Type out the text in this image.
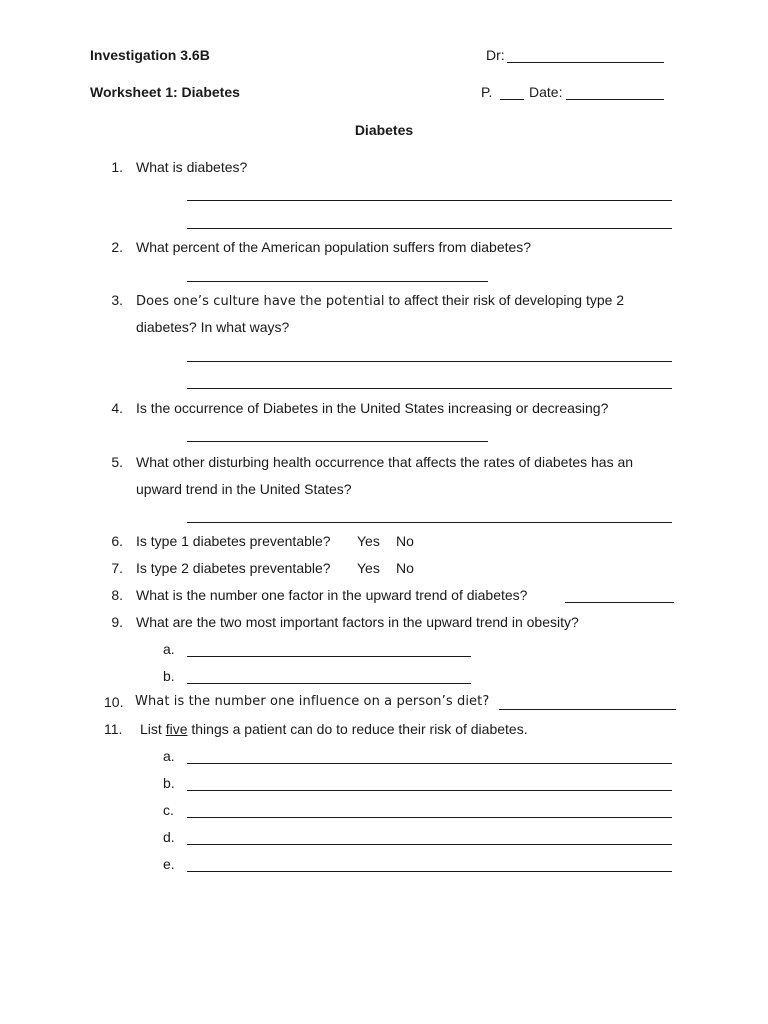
Investigation 3.6B	Dr:
Worksheet 1: Diabetes	P.	Date:
Diabetes
1. What is diabetes?
2. What percent of the American population suffers from diabetes?
3. Does one’s culture have the potential to affect their risk of developing type 2
diabetes? In what ways?
4. Is the occurrence of Diabetes in the United States increasing or decreasing?
5. What other disturbing health occurrence that affects the rates of diabetes has an
upward trend in the United States?
6. Is type 1 diabetes preventable? Yes No
7. Is type 2 diabetes preventable? Yes No
8. What is the number one factor in the upward trend of diabetes?
9. What are the two most important factors in the upward trend in obesity?
a.
b.
10. What is the number one influence on a person’s diet?
11.	List five things a patient can do to reduce their risk of diabetes.
a.
b.
c.
d.
e.
